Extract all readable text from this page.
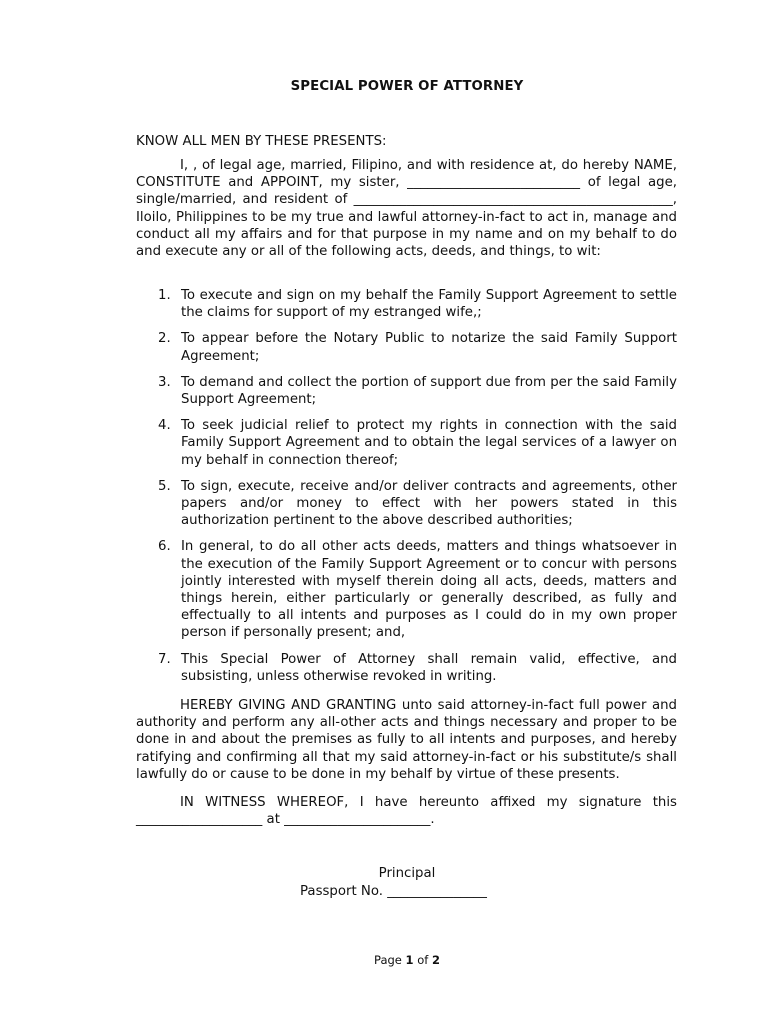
SPECIAL POWER OF ATTORNEY
KNOW ALL MEN BY THESE PRESENTS:
I, , of legal age, married, Filipino, and with residence at, do hereby NAME, CONSTITUTE and APPOINT, my sister, __________________________ of legal age, single/married, and resident of ________________________________________________, Iloilo, Philippines to be my true and lawful attorney-in-fact to act in, manage and conduct all my affairs and for that purpose in my name and on my behalf to do and execute any or all of the following acts, deeds, and things, to wit:
1. To execute and sign on my behalf the Family Support Agreement to settle the claims for support of my estranged wife,;
2. To appear before the Notary Public to notarize the said Family Support Agreement;
3. To demand and collect the portion of support due from per the said Family Support Agreement;
4. To seek judicial relief to protect my rights in connection with the said Family Support Agreement and to obtain the legal services of a lawyer on my behalf in connection thereof;
5. To sign, execute, receive and/or deliver contracts and agreements, other papers and/or money to effect with her powers stated in this authorization pertinent to the above described authorities;
6. In general, to do all other acts deeds, matters and things whatsoever in the execution of the Family Support Agreement or to concur with persons jointly interested with myself therein doing all acts, deeds, matters and things herein, either particularly or generally described, as fully and effectually to all intents and purposes as I could do in my own proper person if personally present; and,
7. This Special Power of Attorney shall remain valid, effective, and subsisting, unless otherwise revoked in writing.
HEREBY GIVING AND GRANTING unto said attorney-in-fact full power and authority and perform any all-other acts and things necessary and proper to be done in and about the premises as fully to all intents and purposes, and hereby ratifying and confirming all that my said attorney-in-fact or his substitute/s shall lawfully do or cause to be done in my behalf by virtue of these presents.
IN WITNESS WHEREOF, I have hereunto affixed my signature this ___________________ at ______________________.
Principal
Passport No. _______________
Page 1 of 2
